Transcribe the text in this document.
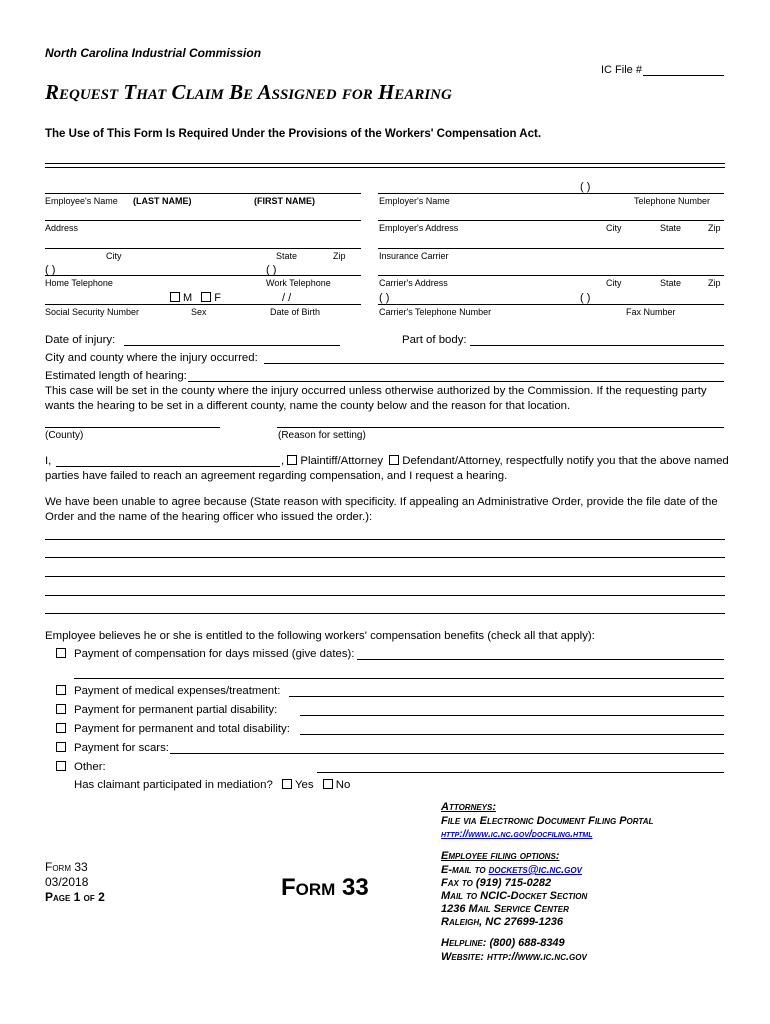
North Carolina Industrial Commission
IC File #
Request That Claim Be Assigned for Hearing
The Use of This Form Is Required Under the Provisions of the Workers' Compensation Act.
( )
Employee's Name (LAST NAME)	(FIRST NAME)	Employer's Name	Telephone Number
Address	Employer's Address	City	State	Zip
City	State	Zip	Insurance Carrier
( )	( )
Home Telephone	Work Telephone	Carrier's Address	City	State	Zip
M F	/ /	( )	( )
Social Security Number	Sex	Date of Birth	Carrier's Telephone Number	Fax Number
Date of injury:	Part of body:
City and county where the injury occurred:
Estimated length of hearing:
This case will be set in the county where the injury occurred unless otherwise authorized by the Commission. If the requesting party wants the hearing to be set in a different county, name the county below and the reason for that location.
(County)	(Reason for setting)
I,	, Plaintiff/Attorney Defendant/Attorney, respectfully notify you that the above named
parties have failed to reach an agreement regarding compensation, and I request a hearing.
We have been unable to agree because (State reason with specificity. If appealing an Administrative Order, provide the file date of the Order and the name of the hearing officer who issued the order.):
Employee believes he or she is entitled to the following workers' compensation benefits (check all that apply):
Payment of compensation for days missed (give dates):
Payment of medical expenses/treatment:
Payment for permanent partial disability:
Payment for permanent and total disability:
Payment for scars:
Other:
Has claimant participated in mediation? Yes No
Attorneys:
File via Electronic Document Filing Portal
http://www.ic.nc.gov/docfiling.html
Employee filing options:
E-mail to dockets@ic.nc.gov
Fax to (919) 715-0282
Mail to NCIC-Docket Section
1236 Mail Service Center
Raleigh, NC 27699-1236
Helpline: (800) 688-8349
Website: http://www.ic.nc.gov
Form 33
03/2018
Page 1 of 2	Form 33
